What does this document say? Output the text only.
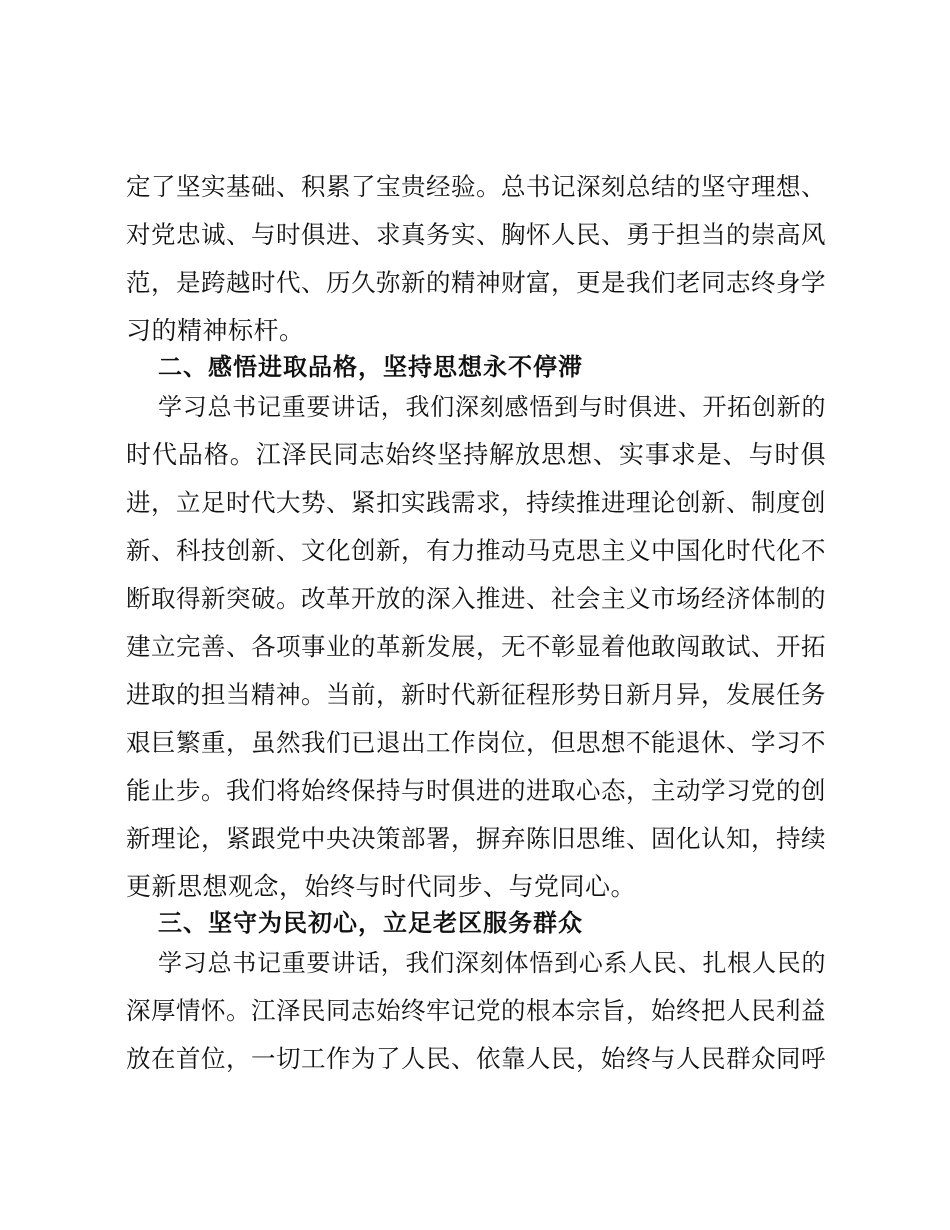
定了坚实基础、积累了宝贵经验。总书记深刻总结的坚守理想、
对党忠诚、与时俱进、求真务实、胸怀人民、勇于担当的崇高风
范，是跨越时代、历久弥新的精神财富，更是我们老同志终身学
习的精神标杆。
二、感悟进取品格，坚持思想永不停滞
学习总书记重要讲话，我们深刻感悟到与时俱进、开拓创新的
时代品格。江泽民同志始终坚持解放思想、实事求是、与时俱
进，立足时代大势、紧扣实践需求，持续推进理论创新、制度创
新、科技创新、文化创新，有力推动马克思主义中国化时代化不
断取得新突破。改革开放的深入推进、社会主义市场经济体制的
建立完善、各项事业的革新发展，无不彰显着他敢闯敢试、开拓
进取的担当精神。当前，新时代新征程形势日新月异，发展任务
艰巨繁重，虽然我们已退出工作岗位，但思想不能退休、学习不
能止步。我们将始终保持与时俱进的进取心态，主动学习党的创
新理论，紧跟党中央决策部署，摒弃陈旧思维、固化认知，持续
更新思想观念，始终与时代同步、与党同心。
三、坚守为民初心，立足老区服务群众
学习总书记重要讲话，我们深刻体悟到心系人民、扎根人民的
深厚情怀。江泽民同志始终牢记党的根本宗旨，始终把人民利益
放在首位，一切工作为了人民、依靠人民，始终与人民群众同呼
